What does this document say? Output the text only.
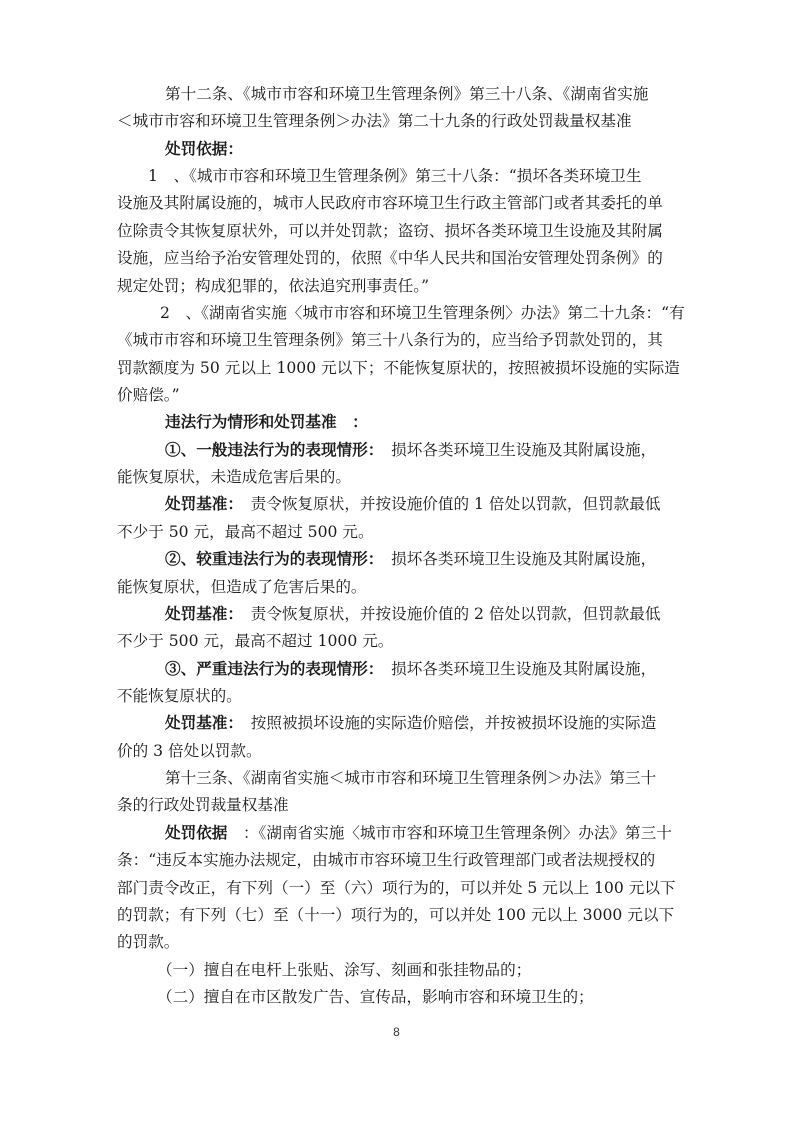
第十二条、《城市市容和环境卫生管理条例》第三十八条、《湖南省实施
＜城市市容和环境卫生管理条例＞办法》第二十九条的行政处罚裁量权基准
处罚依据：
1　、《城市市容和环境卫生管理条例》第三十八条：“损坏各类环境卫生
设施及其附属设施的，城市人民政府市容环境卫生行政主管部门或者其委托的单
位除责令其恢复原状外，可以并处罚款；盗窃、损坏各类环境卫生设施及其附属
设施，应当给予治安管理处罚的，依照《中华人民共和国治安管理处罚条例》的
规定处罚；构成犯罪的，依法追究刑事责任。”
2　、《湖南省实施〈城市市容和环境卫生管理条例〉办法》第二十九条：“有
《城市市容和环境卫生管理条例》第三十八条行为的，应当给予罚款处罚的，其
罚款额度为 50 元以上 1000 元以下；不能恢复原状的，按照被损坏设施的实际造
价赔偿。”
违法行为情形和处罚基准　：
①、一般违法行为的表现情形：　损坏各类环境卫生设施及其附属设施，
能恢复原状，未造成危害后果的。
处罚基准：　责令恢复原状，并按设施价值的 1 倍处以罚款，但罚款最低
不少于 50 元，最高不超过 500 元。
②、较重违法行为的表现情形：　损坏各类环境卫生设施及其附属设施，
能恢复原状，但造成了危害后果的。
处罚基准：　责令恢复原状，并按设施价值的 2 倍处以罚款，但罚款最低
不少于 500 元，最高不超过 1000 元。
③、严重违法行为的表现情形：　损坏各类环境卫生设施及其附属设施，
不能恢复原状的。
处罚基准：　按照被损坏设施的实际造价赔偿，并按被损坏设施的实际造
价的 3 倍处以罚款。
第十三条、《湖南省实施＜城市市容和环境卫生管理条例＞办法》第三十
条的行政处罚裁量权基准
处罚依据　：《湖南省实施〈城市市容和环境卫生管理条例〉办法》第三十
条：“违反本实施办法规定，由城市市容环境卫生行政管理部门或者法规授权的
部门责令改正，有下列（一）至（六）项行为的，可以并处 5 元以上 100 元以下
的罚款；有下列（七）至（十一）项行为的，可以并处 100 元以上 3000 元以下
的罚款。
（一）擅自在电杆上张贴、涂写、刻画和张挂物品的；
（二）擅自在市区散发广告、宣传品，影响市容和环境卫生的；
8
